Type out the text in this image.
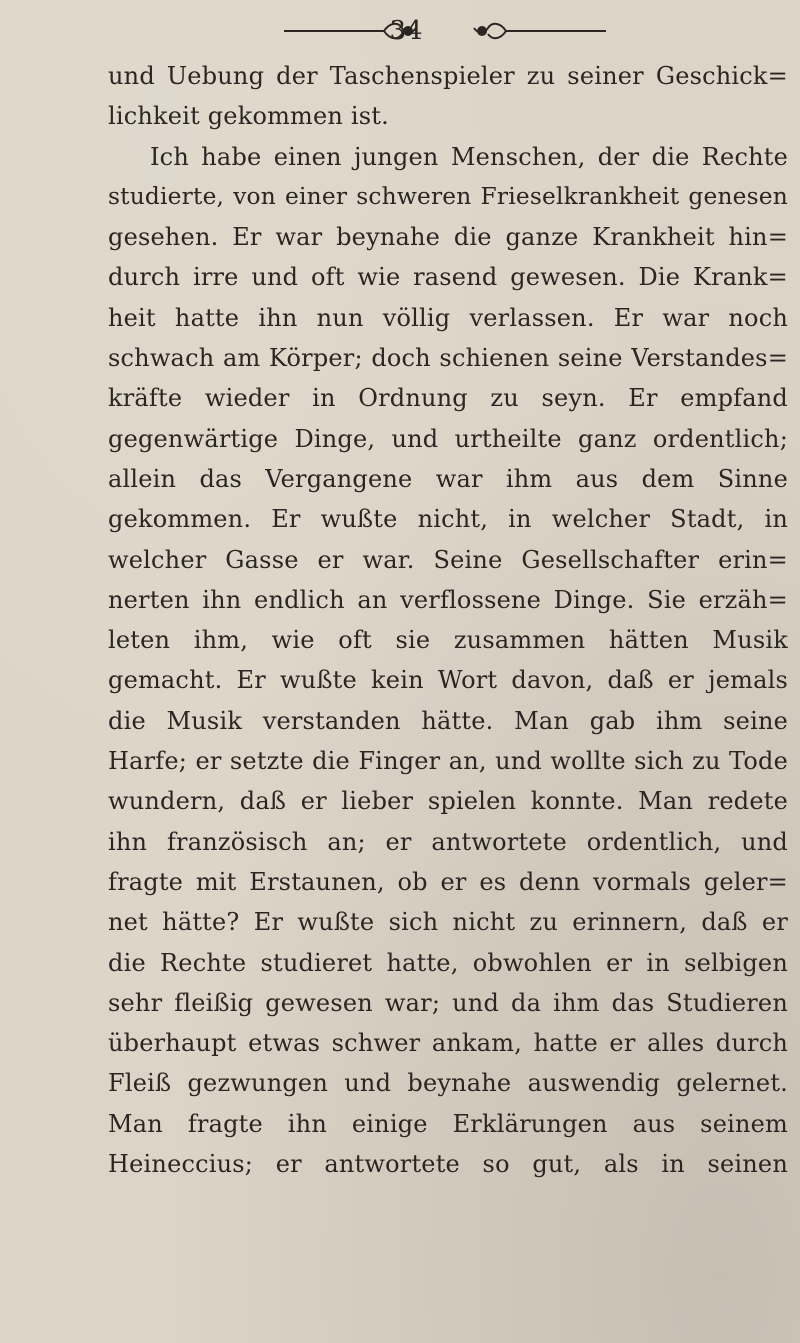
34
und Uebung der Taschenspieler zu seiner Geschick=
lichkeit gekommen ist.
Ich habe einen jungen Menschen, der die Rechte
studierte, von einer schweren Frieselkrankheit genesen
gesehen. Er war beynahe die ganze Krankheit hin=
durch irre und oft wie rasend gewesen. Die Krank=
heit hatte ihn nun völlig verlassen. Er war noch
schwach am Körper; doch schienen seine Verstandes=
kräfte wieder in Ordnung zu seyn. Er empfand
gegenwärtige Dinge, und urtheilte ganz ordentlich;
allein das Vergangene war ihm aus dem Sinne
gekommen. Er wußte nicht, in welcher Stadt, in
welcher Gasse er war. Seine Gesellschafter erin=
nerten ihn endlich an verflossene Dinge. Sie erzäh=
leten ihm, wie oft sie zusammen hätten Musik
gemacht. Er wußte kein Wort davon, daß er jemals
die Musik verstanden hätte. Man gab ihm seine
Harfe; er setzte die Finger an, und wollte sich zu Tode
wundern, daß er lieber spielen konnte. Man redete
ihn französisch an; er antwortete ordentlich, und
fragte mit Erstaunen, ob er es denn vormals geler=
net hätte? Er wußte sich nicht zu erinnern, daß er
die Rechte studieret hatte, obwohlen er in selbigen
sehr fleißig gewesen war; und da ihm das Studieren
überhaupt etwas schwer ankam, hatte er alles durch
Fleiß gezwungen und beynahe auswendig gelernet.
Man fragte ihn einige Erklärungen aus seinem
Heineccius; er antwortete so gut, als in seinen
